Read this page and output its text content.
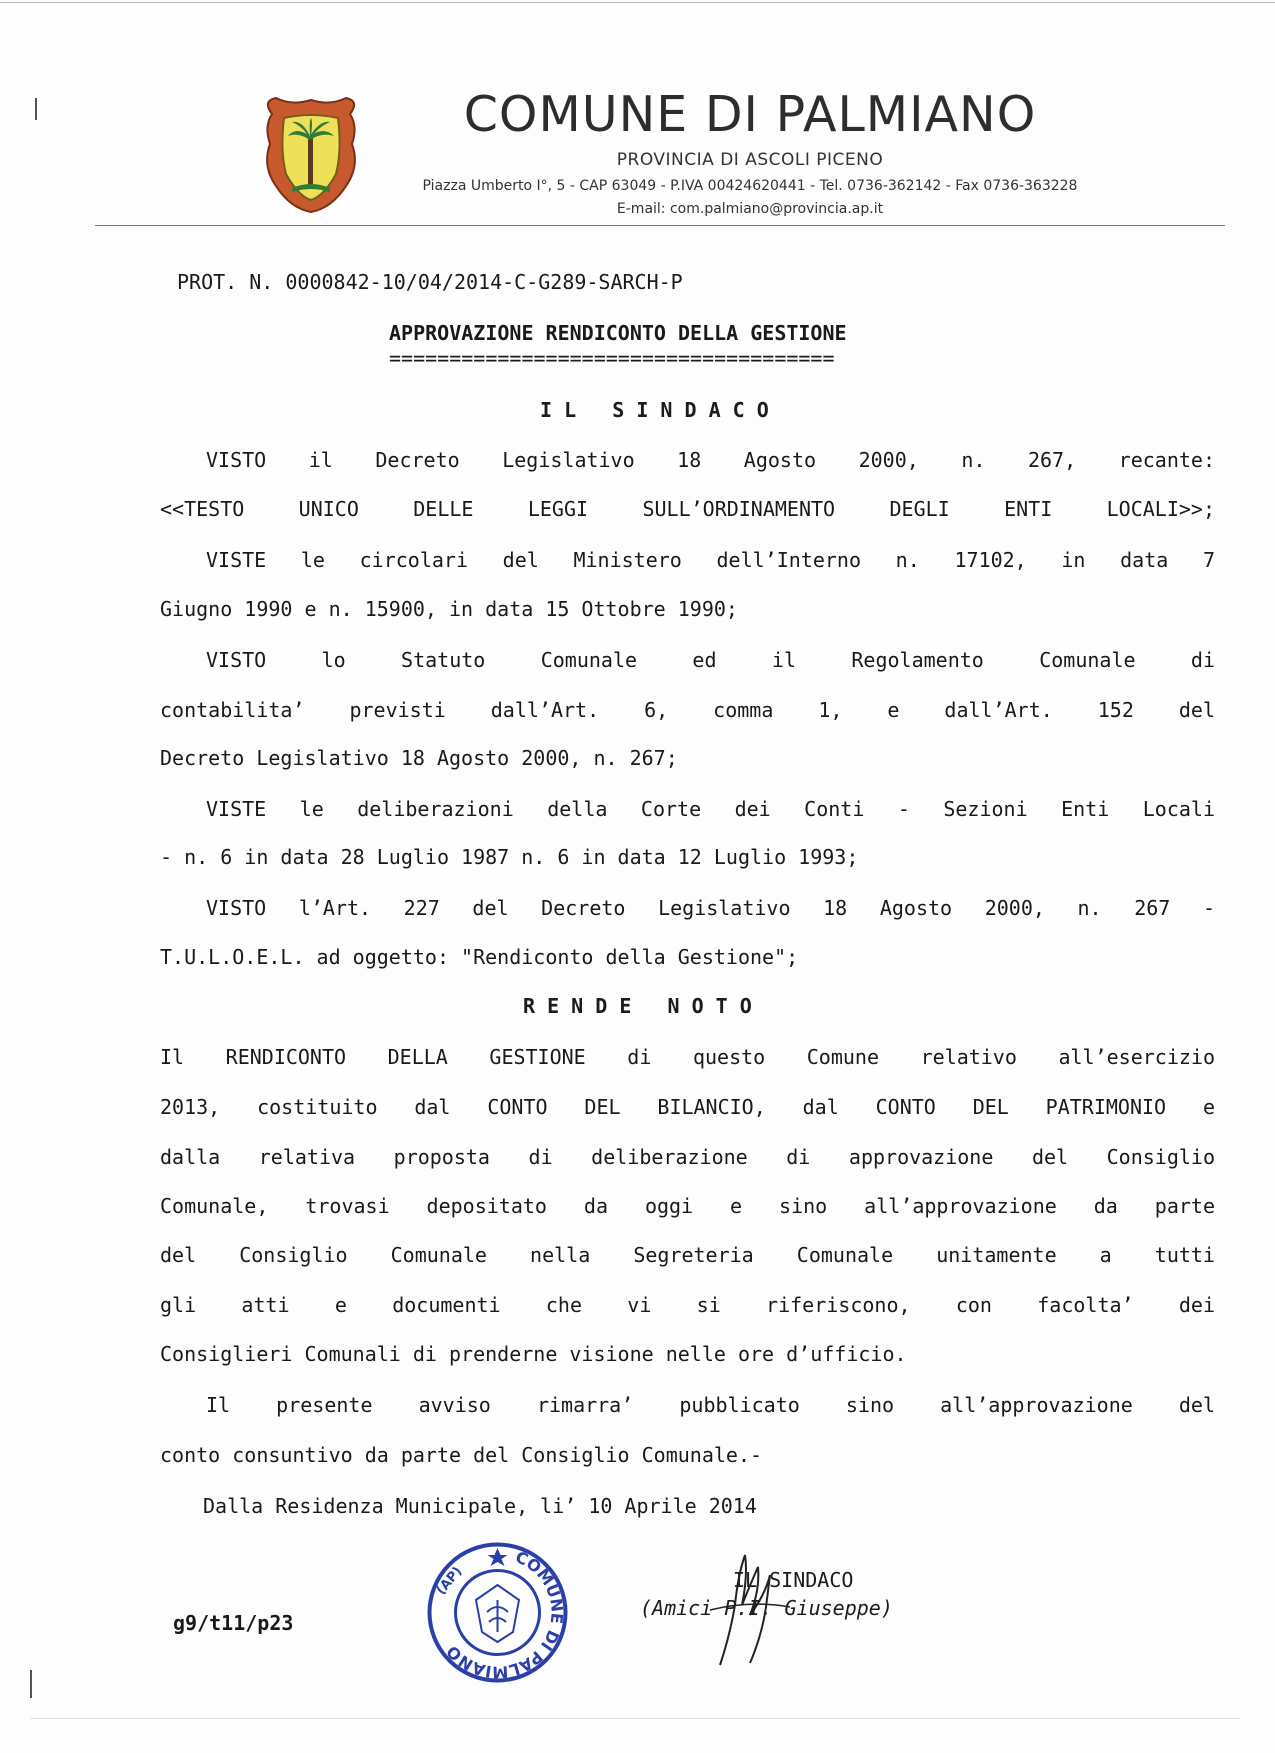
COMUNE DI PALMIANO
PROVINCIA DI ASCOLI PICENO
Piazza Umberto I°, 5 - CAP 63049 - P.IVA 00424620441 - Tel. 0736-362142 - Fax 0736-363228
E-mail: com.palmiano@provincia.ap.it
PROT. N. 0000842-10/04/2014-C-G289-SARCH-P
APPROVAZIONE RENDICONTO DELLA GESTIONE
=====================================
I L   S I N D A C O
VISTO il Decreto Legislativo 18 Agosto 2000, n. 267, recante:
<<TESTO UNICO DELLE LEGGI SULL’ORDINAMENTO DEGLI ENTI LOCALI>>;
VISTE le circolari del Ministero dell’Interno n. 17102, in data 7
Giugno 1990 e n. 15900, in data 15 Ottobre 1990;
VISTO lo Statuto Comunale ed il Regolamento Comunale di
contabilita’ previsti dall’Art. 6, comma 1, e dall’Art. 152 del
Decreto Legislativo 18 Agosto 2000, n. 267;
VISTE le deliberazioni della Corte dei Conti - Sezioni Enti Locali
- n. 6 in data 28 Luglio 1987 n. 6 in data 12 Luglio 1993;
VISTO l’Art. 227 del Decreto Legislativo 18 Agosto 2000, n. 267 -
T.U.L.O.E.L. ad oggetto: "Rendiconto della Gestione";
R E N D E   N O T O
Il RENDICONTO DELLA GESTIONE di questo Comune relativo all’esercizio
2013, costituito dal CONTO DEL BILANCIO, dal CONTO DEL PATRIMONIO e
dalla relativa proposta di deliberazione di approvazione del Consiglio
Comunale, trovasi depositato da oggi e sino all’approvazione da parte
del Consiglio Comunale nella Segreteria Comunale unitamente a tutti
gli atti e documenti che vi si riferiscono, con facolta’ dei
Consiglieri Comunali di prenderne visione nelle ore d’ufficio.
Il presente avviso rimarra’ pubblicato sino all’approvazione del
conto consuntivo da parte del Consiglio Comunale.-
Dalla Residenza Municipale, li’ 10 Aprile 2014
COMUNE DI PALMIANO
(AP)	IL SINDACO
(Amici P.I. Giuseppe)
g9/t11/p23
